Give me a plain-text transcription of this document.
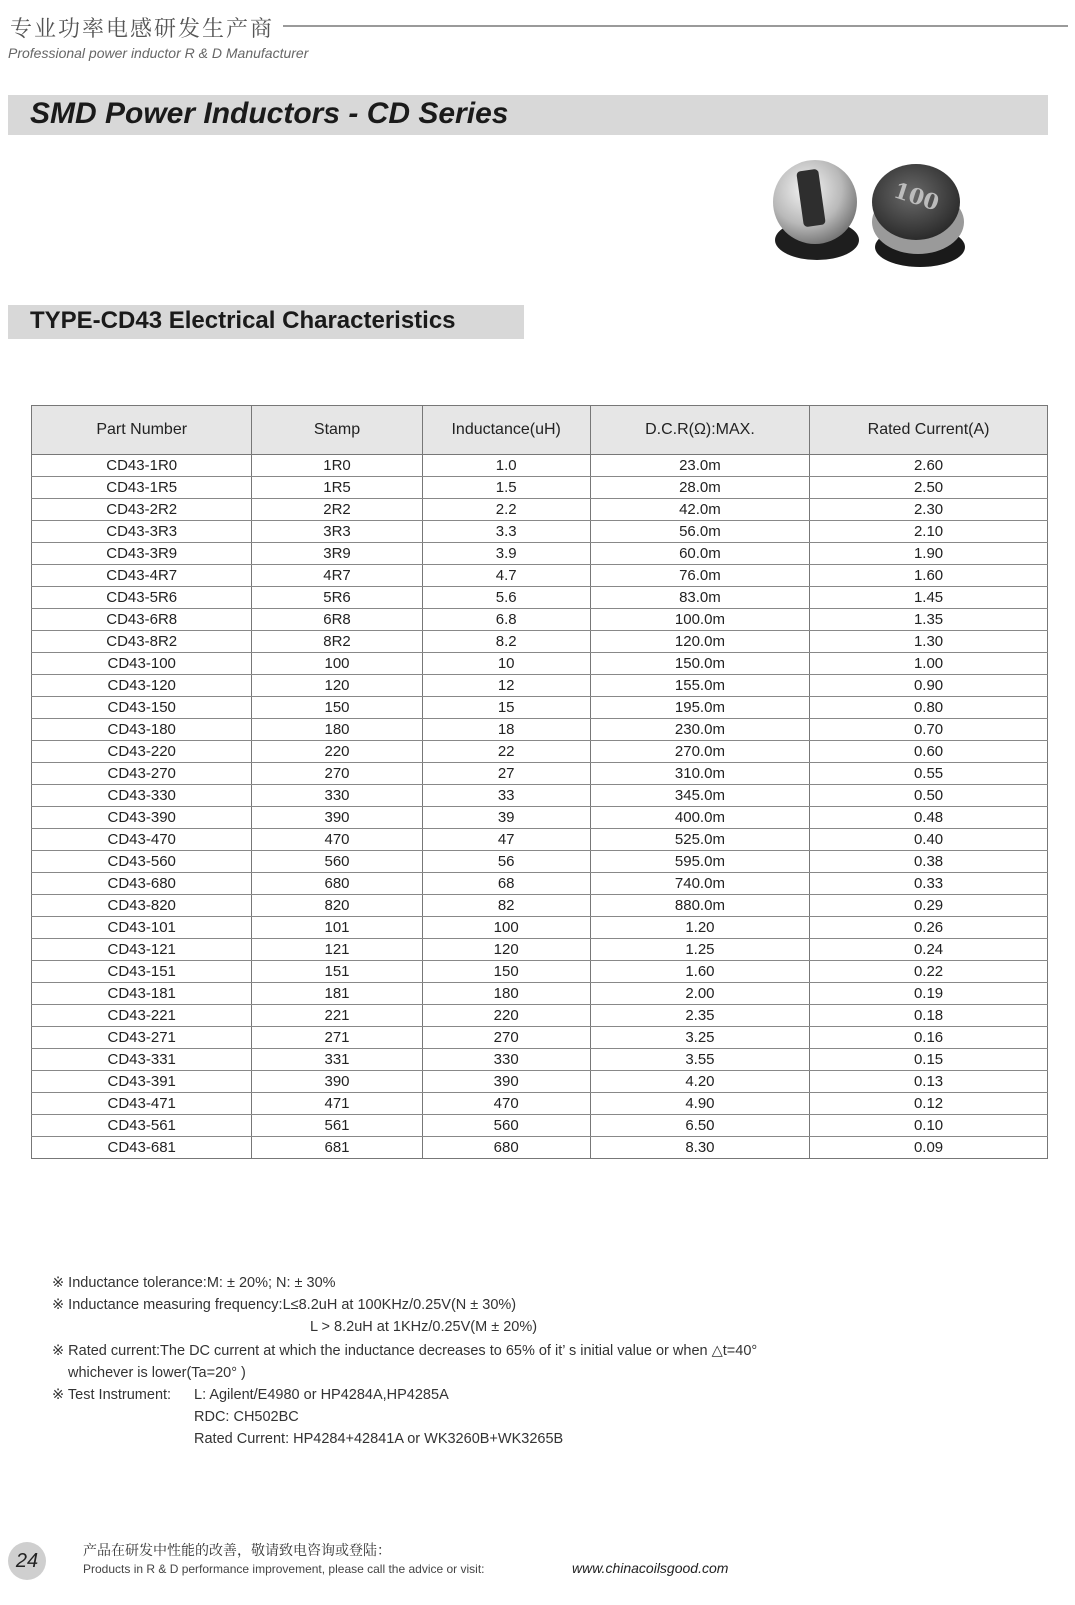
专业功率电感研发生产商
Professional power inductor R & D Manufacturer
SMD Power Inductors - CD Series
100
TYPE-CD43 Electrical Characteristics
Part Number	Stamp	Inductance(uH)	D.C.R(Ω):MAX.	Rated Current(A)
CD43-1R0	1R0	1.0	23.0m	2.60
CD43-1R5	1R5	1.5	28.0m	2.50
CD43-2R2	2R2	2.2	42.0m	2.30
CD43-3R3	3R3	3.3	56.0m	2.10
CD43-3R9	3R9	3.9	60.0m	1.90
CD43-4R7	4R7	4.7	76.0m	1.60
CD43-5R6	5R6	5.6	83.0m	1.45
CD43-6R8	6R8	6.8	100.0m	1.35
CD43-8R2	8R2	8.2	120.0m	1.30
CD43-100	100	10	150.0m	1.00
CD43-120	120	12	155.0m	0.90
CD43-150	150	15	195.0m	0.80
CD43-180	180	18	230.0m	0.70
CD43-220	220	22	270.0m	0.60
CD43-270	270	27	310.0m	0.55
CD43-330	330	33	345.0m	0.50
CD43-390	390	39	400.0m	0.48
CD43-470	470	47	525.0m	0.40
CD43-560	560	56	595.0m	0.38
CD43-680	680	68	740.0m	0.33
CD43-820	820	82	880.0m	0.29
CD43-101	101	100	1.20	0.26
CD43-121	121	120	1.25	0.24
CD43-151	151	150	1.60	0.22
CD43-181	181	180	2.00	0.19
CD43-221	221	220	2.35	0.18
CD43-271	271	270	3.25	0.16
CD43-331	331	330	3.55	0.15
CD43-391	390	390	4.20	0.13
CD43-471	471	470	4.90	0.12
CD43-561	561	560	6.50	0.10
CD43-681	681	680	8.30	0.09
※ Inductance tolerance:M: ± 20%; N: ± 30%
※ Inductance measuring frequency:L≤8.2uH at 100KHz/0.25V(N ± 30%)
L > 8.2uH at 1KHz/0.25V(M ± 20%)
※ Rated current:The DC current at which the inductance decreases to 65% of it’ s initial value or when △t=40°
whichever is lower(Ta=20° )
※ Test Instrument: L: Agilent/E4980 or HP4284A,HP4285A
RDC: CH502BC
Rated Current: HP4284+42841A or WK3260B+WK3265B
24	产品在研发中性能的改善，敬请致电咨询或登陆：
Products in R & D performance improvement, please call the advice or visit:	www.chinacoilsgood.com
